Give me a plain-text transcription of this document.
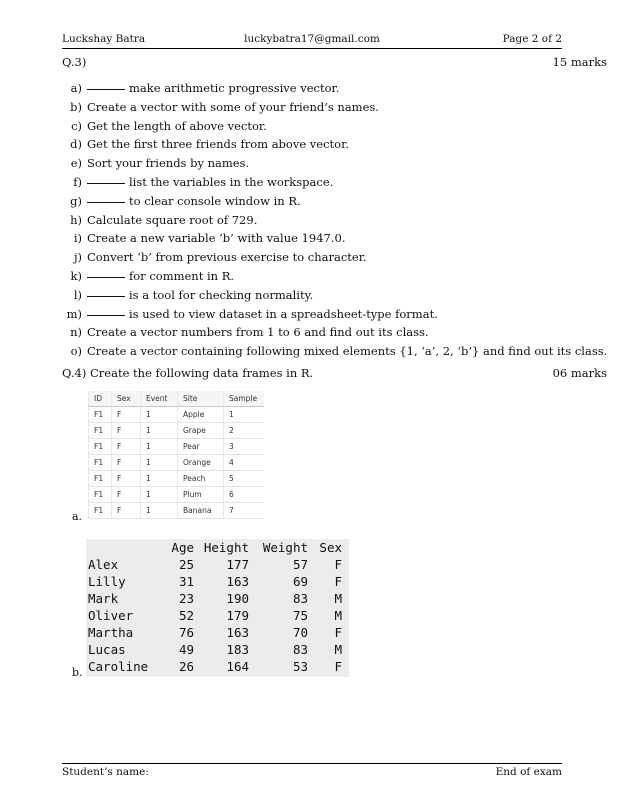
Luckshay Batra	luckybatra17@gmail.com	Page 2 of 2
Q.3)	15 marks
a)	make arithmetic progressive vector.
b) Create a vector with some of your friend’s names.
c) Get the length of above vector.
d) Get the first three friends from above vector.
e) Sort your friends by names.
f)	list the variables in the workspace.
g)	to clear console window in R.
h) Calculate square root of 729.
i) Create a new variable ’b’ with value 1947.0.
j) Convert ‘b’ from previous exercise to character.
k)	for comment in R.
l)	is a tool for checking normality.
m)	is used to view dataset in a spreadsheet-type format.
n) Create a vector numbers from 1 to 6 and find out its class.
o) Create a vector containing following mixed elements {1, ‘a’, 2, ‘b’} and find out its class.
Q.4) Create the following data frames in R.	06 marks
ID	Sex	Event	Site	Sample
F1	F	1	Apple	1
F1	F	1	Grape	2
F1	F	1	Pear	3
F1	F	1	Orange	4
F1	F	1	Peach	5
F1	F	1	Plum	6
F1	F	1	Banana	7
a.
	Age	Height	Weight	Sex
Alex	25	177	57	F
Lilly	31	163	69	F
Mark	23	190	83	M
Oliver	52	179	75	M
Martha	76	163	70	F
Lucas	49	183	83	M
Caroline	26	164	53	F
b.
Student’s name:	End of exam
